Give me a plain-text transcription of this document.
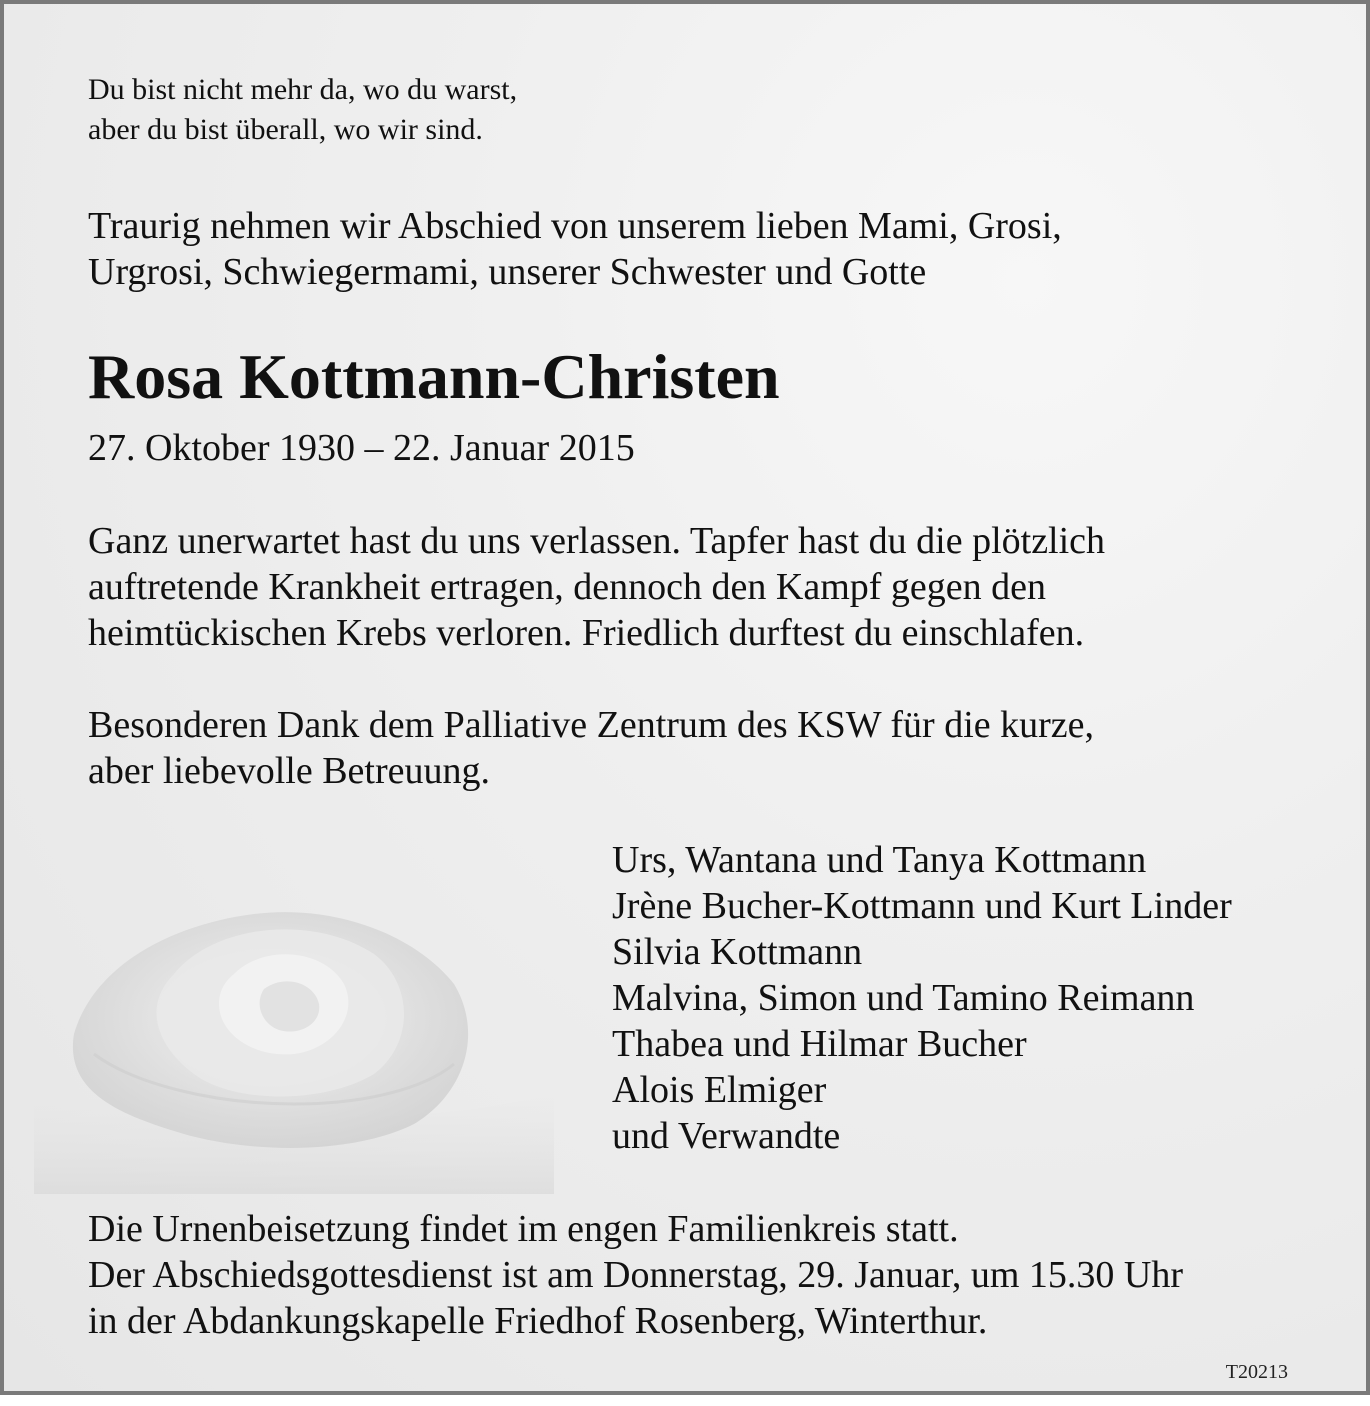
Du bist nicht mehr da, wo du warst,
aber du bist überall, wo wir sind.

Traurig nehmen wir Abschied von unserem lieben Mami, Grosi,
Urgrosi, Schwiegermami, unserer Schwester und Gotte

Rosa Kottmann-Christen

27. Oktober 1930 – 22. Januar 2015

Ganz unerwartet hast du uns verlassen. Tapfer hast du die plötzlich
auftretende Krankheit ertragen, dennoch den Kampf gegen den
heimtückischen Krebs verloren. Friedlich durftest du einschlafen.

Besonderen Dank dem Palliative Zentrum des KSW für die kurze,
aber liebevolle Betreuung.

Urs, Wantana und Tanya Kottmann
Jrène Bucher-Kottmann und Kurt Linder
Silvia Kottmann
Malvina, Simon und Tamino Reimann
Thabea und Hilmar Bucher
Alois Elmiger
und Verwandte

Die Urnenbeisetzung findet im engen Familienkreis statt.
Der Abschiedsgottesdienst ist am Donnerstag, 29. Januar, um 15.30 Uhr
in der Abdankungskapelle Friedhof Rosenberg, Winterthur.

T20213
